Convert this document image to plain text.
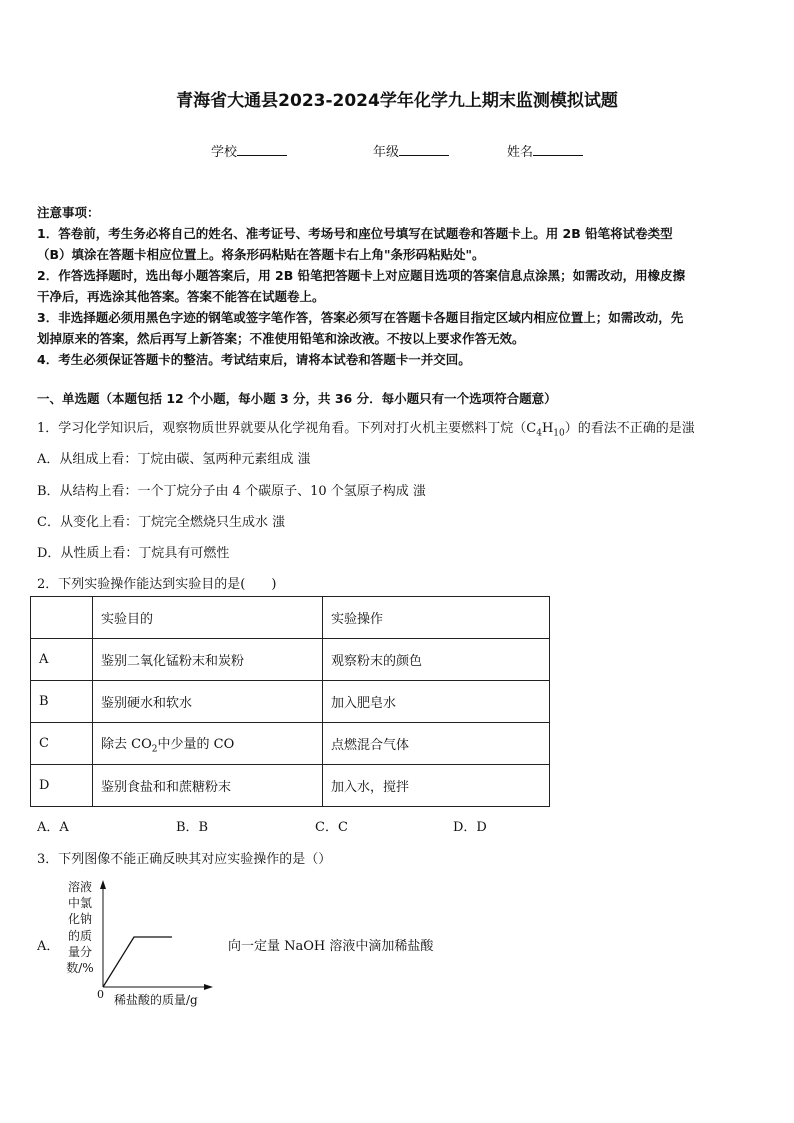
青海省大通县2023-2024学年化学九上期末监测模拟试题
学校	年级	姓名
注意事项：
1．答卷前，考生务必将自己的姓名、准考证号、考场号和座位号填写在试题卷和答题卡上。用 2B 铅笔将试卷类型
（B）填涂在答题卡相应位置上。将条形码粘贴在答题卡右上角"条形码粘贴处"。
2．作答选择题时，选出每小题答案后，用 2B 铅笔把答题卡上对应题目选项的答案信息点涂黑；如需改动，用橡皮擦
干净后，再选涂其他答案。答案不能答在试题卷上。
3．非选择题必须用黑色字迹的钢笔或签字笔作答，答案必须写在答题卡各题目指定区域内相应位置上；如需改动，先
划掉原来的答案，然后再写上新答案；不准使用铅笔和涂改液。不按以上要求作答无效。
4．考生必须保证答题卡的整洁。考试结束后，请将本试卷和答题卡一并交回。
一、单选题（本题包括 12 个小题，每小题 3 分，共 36 分．每小题只有一个选项符合题意）
1．学习化学知识后，观察物质世界就要从化学视角看。下列对打火机主要燃料丁烷$(C_4H_{10})$的看法不正确的是滍
A．从组成上看：丁烷由碳、氢两种元素组成 滍
B．从结构上看：一个丁烷分子由 4 个碳原子、10 个氢原子构成 滍
C．从变化上看：丁烷完全燃烧只生成水 滍
D．从性质上看：丁烷具有可燃性
2．下列实验操作能达到实验目的是(　　)
	实验目的	实验操作
A	鉴别二氧化锰粉末和炭粉	观察粉末的颜色
B	鉴别硬水和软水	加入肥皂水
C	除去 $CO_2$中少量的 CO	点燃混合气体
D	鉴别食盐和和蔗糖粉末	加入水，搅拌
A．A	B．B	C．C	D．D
3．下列图像不能正确反映其对应实验操作的是（）
A．
溶液中氯化钠的质量分数/%
0 稀盐酸的质量/g
向一定量 NaOH 溶液中滴加稀盐酸
